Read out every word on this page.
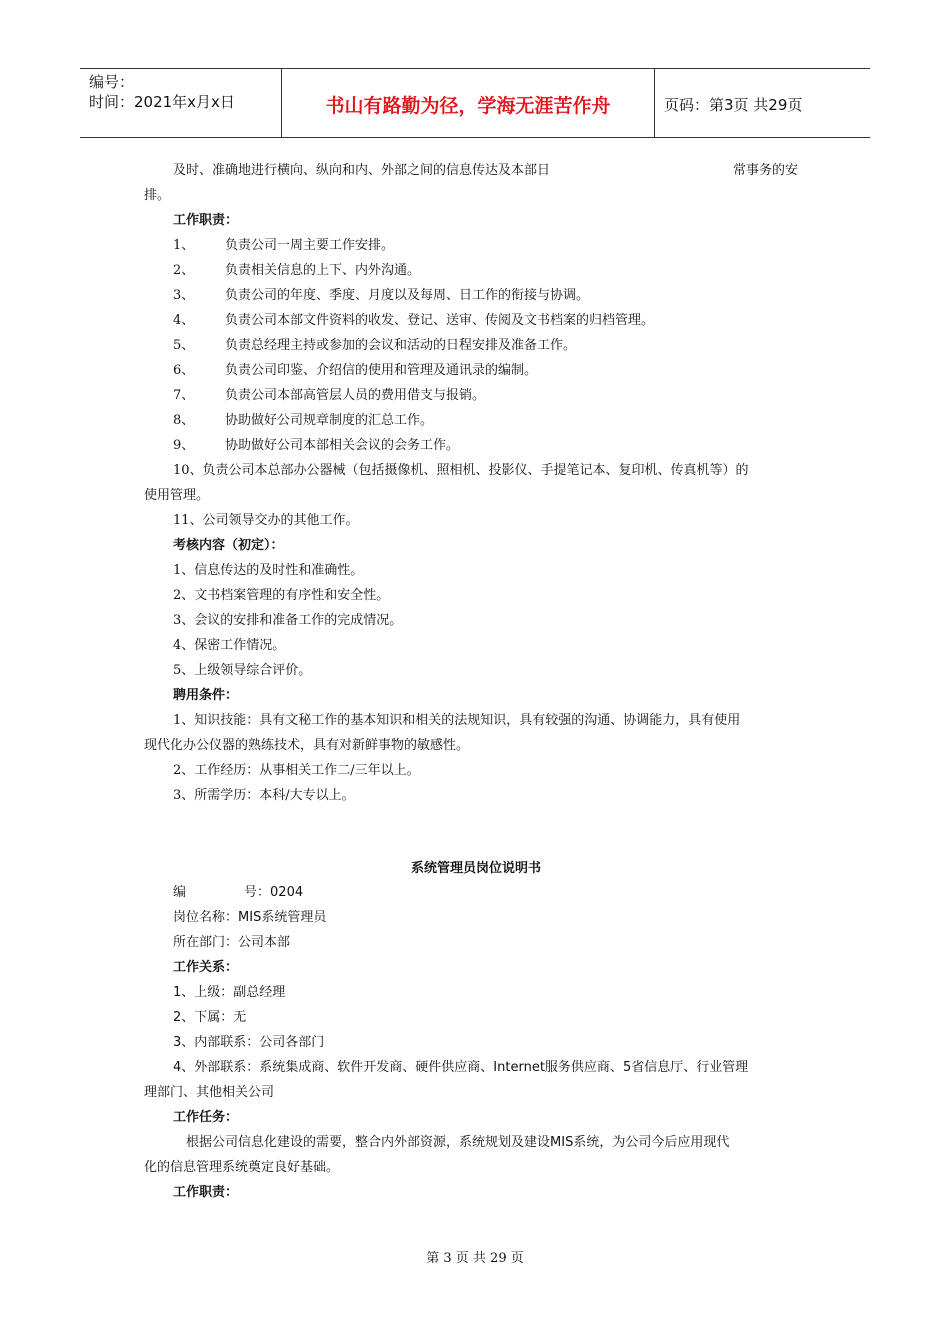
编号：
时间：2021年x月x日	书山有路勤为径，学海无涯苦作舟	页码：第3页 共29页
及时、准确地进行横向、纵向和内、外部之间的信息传达及本部日	常事务的安
排。
工作职责：
1、 负责公司一周主要工作安排。
2、 负责相关信息的上下、内外沟通。
3、 负责公司的年度、季度、月度以及每周、日工作的衔接与协调。
4、 负责公司本部文件资料的收发、登记、送审、传阅及文书档案的归档管理。
5、 负责总经理主持或参加的会议和活动的日程安排及准备工作。
6、 负责公司印鉴、介绍信的使用和管理及通讯录的编制。
7、 负责公司本部高管层人员的费用借支与报销。
8、 协助做好公司规章制度的汇总工作。
9、 协助做好公司本部相关会议的会务工作。
10、负责公司本总部办公器械（包括摄像机、照相机、投影仪、手提笔记本、复印机、传真机等）的
使用管理。
11、公司领导交办的其他工作。
考核内容（初定）：
1、信息传达的及时性和准确性。
2、文书档案管理的有序性和安全性。
3、会议的安排和准备工作的完成情况。
4、保密工作情况。
5、上级领导综合评价。
聘用条件：
1、知识技能：具有文秘工作的基本知识和相关的法规知识，具有较强的沟通、协调能力，具有使用
现代化办公仪器的熟练技术，具有对新鲜事物的敏感性。
2、工作经历：从事相关工作二/三年以上。
3、所需学历：本科/大专以上。
系统管理员岗位说明书
编	号：0204
岗位名称：MIS系统管理员
所在部门：公司本部
工作关系：
1、上级：副总经理
2、下属：无
3、内部联系：公司各部门
4、外部联系：系统集成商、软件开发商、硬件供应商、Internet服务供应商、5省信息厅、行业管理
理部门、其他相关公司
工作任务：
根据公司信息化建设的需要，整合内外部资源，系统规划及建设MIS系统，为公司今后应用现代
化的信息管理系统奠定良好基础。
工作职责：
第 3 页 共 29 页
